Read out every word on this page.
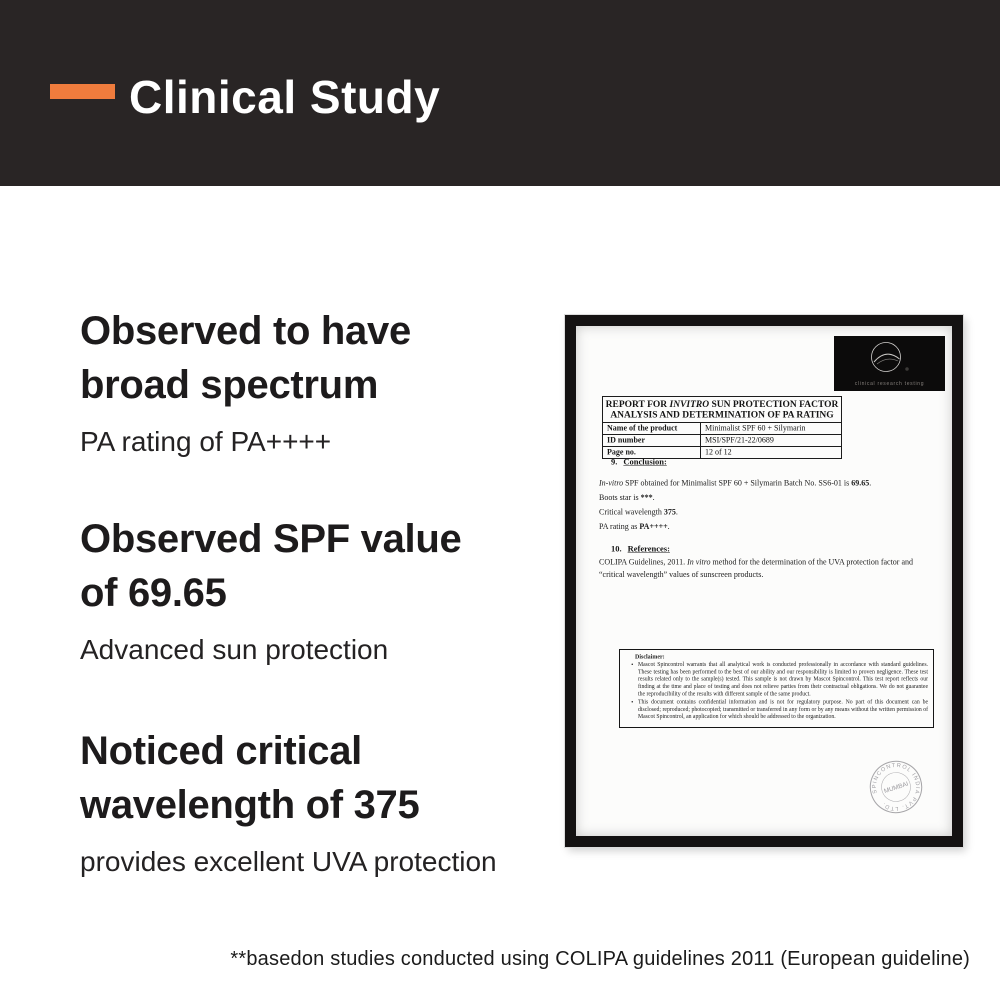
Clinical Study
Observed to have
broad spectrum

PA rating of PA++++

Observed SPF value
of 69.65

Advanced sun protection

Noticed critical
wavelength of 375

provides excellent UVA protection

clinical research testing
REPORT FOR INVITRO SUN PROTECTION FACTOR
ANALYSIS AND DETERMINATION OF PA RATING	
Name of the product	Minimalist SPF 60 + Silymarin
ID number	MSI/SPF/21-22/0689
Page no.	12 of 12
9. Conclusion:
In-vitro SPF obtained for Minimalist SPF 60 + Silymarin Batch No. SS6-01 is 69.65.
Boots star is ***.
Critical wavelength 375.
PA rating as PA++++.
10. References:
COLIPA Guidelines, 2011. In vitro method for the determination of the UVA protection factor and “critical wavelength” values of sunscreen products.
Disclaimer:
• Mascot Spincontrol warrants that all analytical work is conducted professionally in accordance with standard guidelines. These testing has been performed to the best of our ability and our responsibility is limited to proven negligence. These test results related only to the sample(s) tested. This sample is not drawn by Mascot Spincontrol. This test report reflects our finding at the time and place of testing and does not relieve parties from their contractual obligations. We do not guarantee the reproducibility of the results with different sample of the same product.
• This document contains confidential information and is not for regulatory purpose. No part of this document can be disclosed; reproduced; photocopied; transmitted or transferred in any form or by any means without the written permission of Mascot Spincontrol, an application for which should be addressed to the organization.
SPINCONTROL INDIA PVT. LTD.
MUMBAI
**basedon studies conducted using COLIPA guidelines 2011 (European guideline)
